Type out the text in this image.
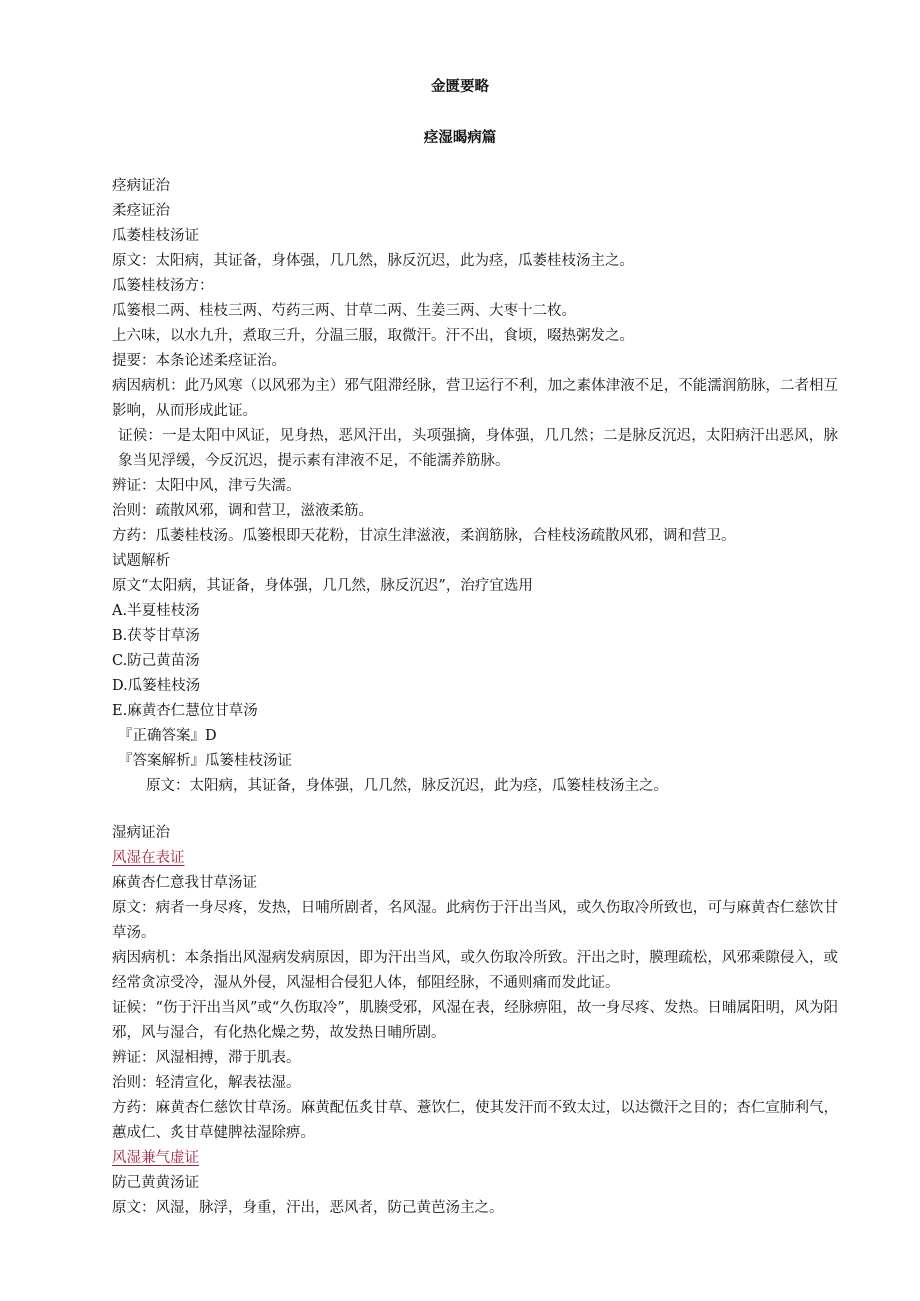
金匮要略
痉湿暍病篇
痉病证治
柔痉证治
瓜萎桂枝汤证
原文：太阳病，其证备，身体强，几几然，脉反沉迟，此为痉，瓜萎桂枝汤主之。
瓜篓桂枝汤方：
瓜篓根二两、桂枝三两、芍药三两、甘草二两、生姜三两、大枣十二枚。
上六味，以水九升，煮取三升，分温三服，取微汗。汗不出，食顷，啜热粥发之。
提要：本条论述柔痉证治。
病因病机：此乃风寒（以风邪为主）邪气阻滞经脉，营卫运行不利，加之素体津液不足，不能濡润筋脉，二者相互影响，从而形成此证。
证候：一是太阳中风证，见身热，恶风汗出，头项强摘，身体强，几几然；二是脉反沉迟，太阳病汗出恶风，脉象当见浮缓，今反沉迟，提示素有津液不足，不能濡养筋脉。
辨证：太阳中风，津亏失濡。
治则：疏散风邪，调和营卫，滋液柔筋。
方药：瓜萎桂枝汤。瓜篓根即天花粉，甘凉生津滋液，柔润筋脉，合桂枝汤疏散风邪，调和营卫。
试题解析
原文“太阳病，其证备，身体强，几几然，脉反沉迟”，治疗宜选用
A.半夏桂枝汤
B.茯苓甘草汤
C.防己黄苗汤
D.瓜篓桂枝汤
E.麻黄杏仁慧位甘草汤
『正确答案』D
『答案解析』瓜篓桂枝汤证
原文：太阳病，其证备，身体强，几几然，脉反沉迟，此为痉，瓜篓桂枝汤主之。
湿病证治
风湿在表证
麻黄杏仁意我甘草汤证
原文：病者一身尽疼，发热，日哺所剧者，名风湿。此病伤于汗出当风，或久伤取冷所致也，可与麻黄杏仁慈饮甘草汤。
病因病机：本条指出风湿病发病原因，即为汗出当风，或久伤取冷所致。汗出之时，膜理疏松，风邪乘隙侵入，或经常贪凉受冷，湿从外侵，风湿相合侵犯人体，郁阻经脉，不通则痛而发此证。
证候：“伤于汗出当风”或“久伤取冷”，肌腠受邪，风湿在表，经脉痹阻，故一身尽疼、发热。日晡属阳明，风为阳邪，风与湿合，有化热化燥之势，故发热日晡所剧。
辨证：风湿相搏，滞于肌表。
治则：轻清宣化，解表祛湿。
方药：麻黄杏仁慈饮甘草汤。麻黄配伍炙甘草、薏饮仁，使其发汗而不致太过，以达微汗之目的；杏仁宣肺利气，蕙成仁、炙甘草健脾祛湿除痹。
风湿兼气虚证
防己黄黄汤证
原文：风湿，脉浮，身重，汗出，恶风者，防己黄芭汤主之。
